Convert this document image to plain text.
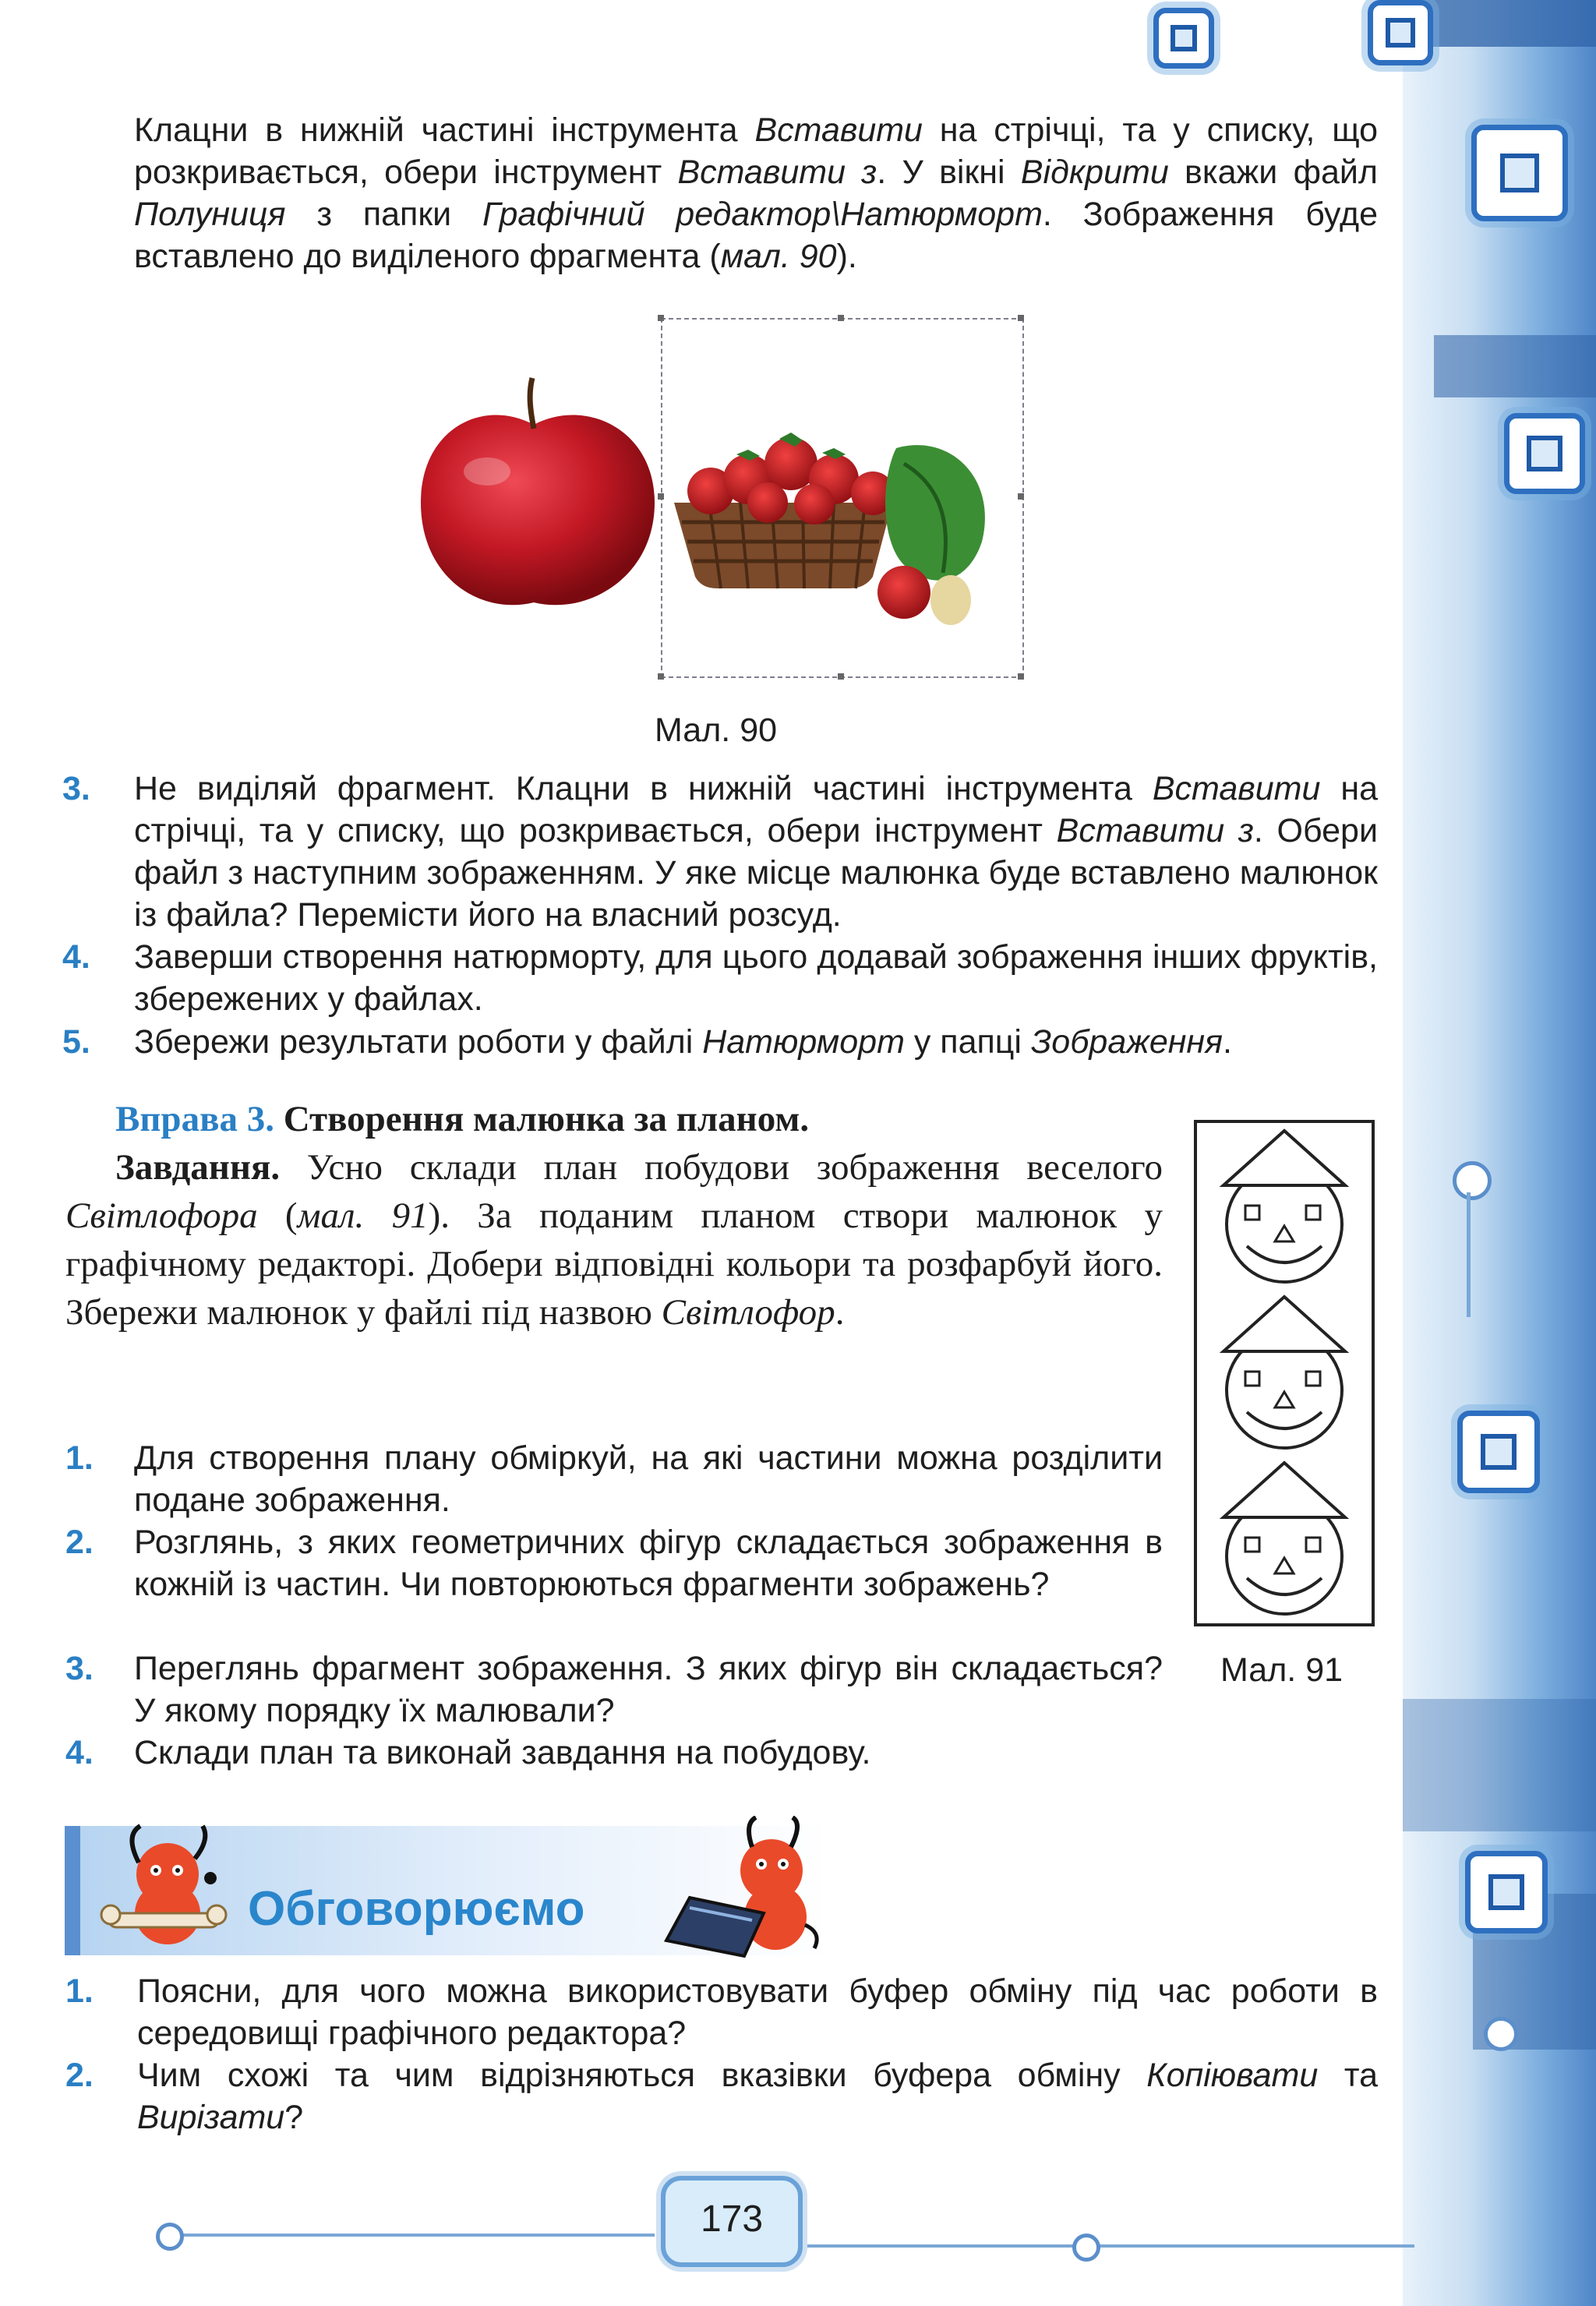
Клацни в нижній частині інструмента Вставити на стрічці, та у списку, що розкривається, обери інструмент Вставити з. У вікні Відкрити вкажи файл Полуниця з папки Графічний редактор\Натюрморт. Зображення буде вставлено до виділеного фрагмента (мал. 90).

Мал. 90
3. Не виділяй фрагмент. Клацни в нижній частині інструмента Вставити на стрічці, та у списку, що розкривається, обери інструмент Вставити з. Обери файл з наступним зображенням. У яке місце малюнка буде вставлено малюнок із файла? Перемісти його на власний розсуд.

4. Заверши створення натюрморту, для цього додавай зображення інших фруктів, збережених у файлах.

5. Збережи результати роботи у файлі Натюрморт у папці Зображення.

Вправа 3. Створення малюнка за планом.

Завдання. Усно склади план побудови зображення веселого Світлофора (мал. 91). За поданим планом створи малюнок у графічному редакторі. Добери відповідні кольори та розфарбуй його. Збережи малюнок у файлі під назвою Світлофор.

Мал. 91
1. Для створення плану обміркуй, на які частини можна розділити подане зображення.

2. Розглянь, з яких геометричних фігур складається зображення в кожній із частин. Чи повторюються фрагменти зображень?

3. Переглянь фрагмент зображення. З яких фігур він складається? У якому порядку їх малювали?

4. Склади план та виконай завдання на побудову.

Обговорюємо
1. Поясни, для чого можна використовувати буфер обміну під час роботи в середовищі графічного редактора?

2. Чим схожі та чим відрізняються вказівки буфера обміну Копіювати та Вирізати?

173
